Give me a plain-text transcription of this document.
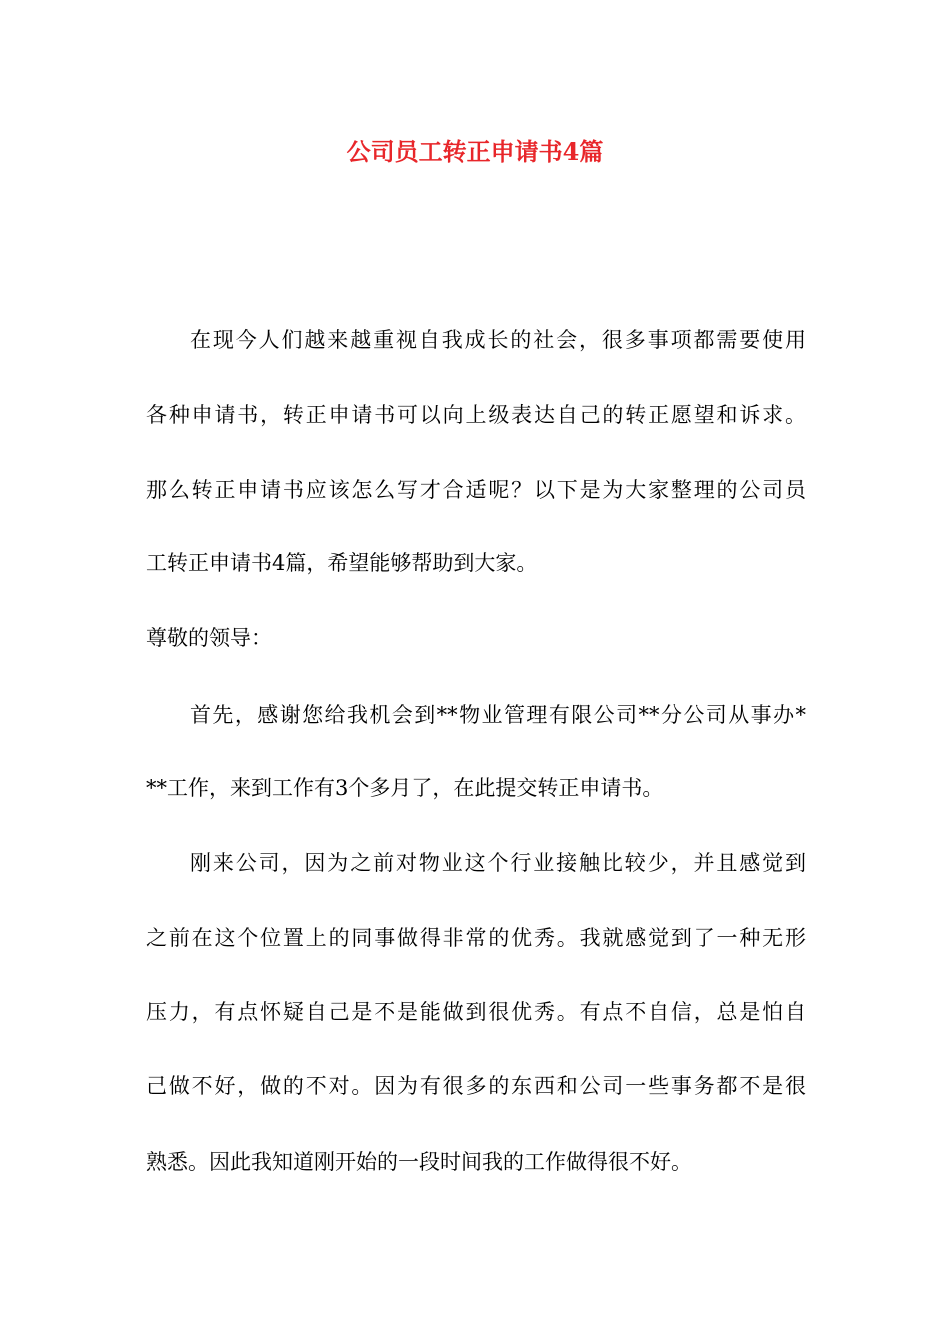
公司员工转正申请书4篇

在现今人们越来越重视自我成长的社会，很多事项都需要使用

各种申请书，转正申请书可以向上级表达自己的转正愿望和诉求。

那么转正申请书应该怎么写才合适呢？以下是为大家整理的公司员

工转正申请书4篇，希望能够帮助到大家。

尊敬的领导：

首先，感谢您给我机会到**物业管理有限公司**分公司从事办*

**工作，来到工作有3个多月了，在此提交转正申请书。

刚来公司，因为之前对物业这个行业接触比较少，并且感觉到

之前在这个位置上的同事做得非常的优秀。我就感觉到了一种无形

压力，有点怀疑自己是不是能做到很优秀。有点不自信，总是怕自

己做不好，做的不对。因为有很多的东西和公司一些事务都不是很

熟悉。因此我知道刚开始的一段时间我的工作做得很不好。
